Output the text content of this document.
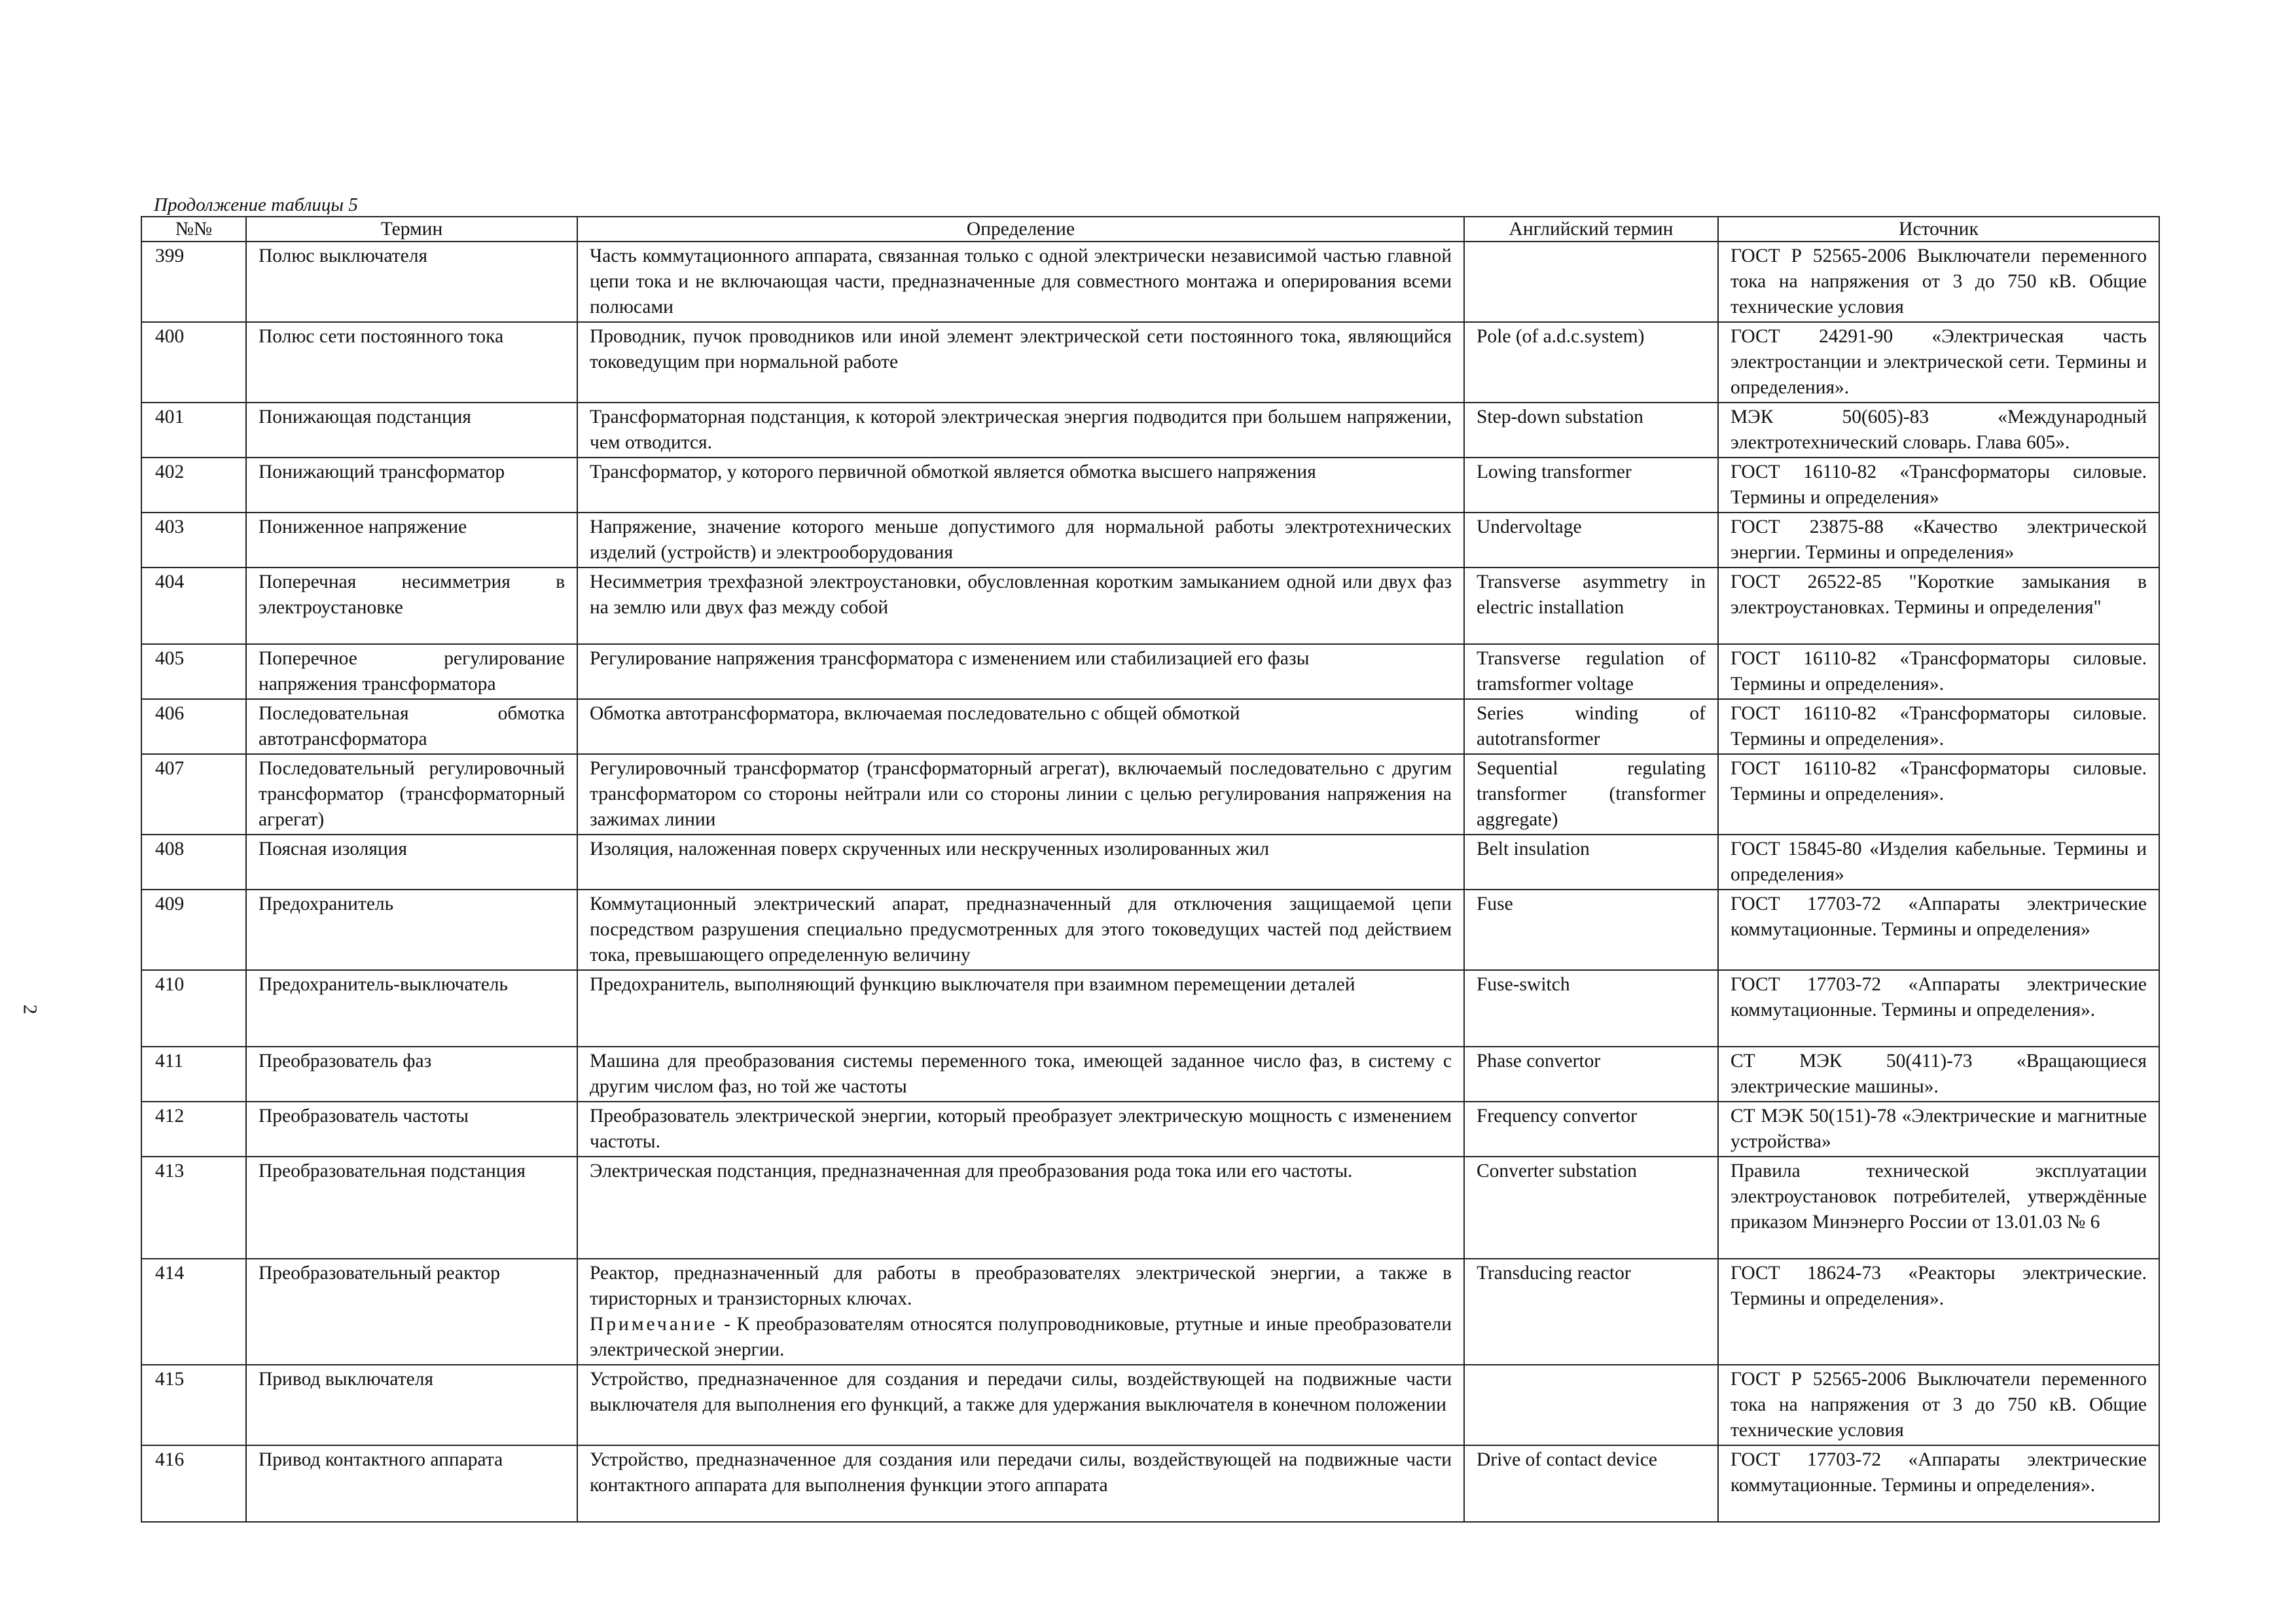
Продолжение таблицы 5
2
№№	Термин	Определение	Английский термин	Источник
399	Полюс выключателя	Часть коммутационного аппарата, связанная только с одной электрически независимой частью главной цепи тока и не включающая части, предназначенные для совместного монтажа и оперирования всеми полюсами		ГОСТ Р 52565-2006 Выключатели переменного тока на напряжения от 3 до 750 кВ. Общие технические условия
400	Полюс сети постоянного тока	Проводник, пучок проводников или иной элемент электрической сети постоянного тока, являющийся токоведущим при нормальной работе	Pole (of a.d.c.system)	ГОСТ 24291-90 «Электрическая часть электростанции и электрической сети. Термины и определения».
401	Понижающая подстанция	Трансформаторная подстанция, к которой электрическая энергия подводится при большем напряжении, чем отводится.	Step-down substation	МЭК 50(605)-83 «Международный электротехнический словарь. Глава 605».
402	Понижающий трансформатор	Трансформатор, у которого первичной обмоткой является обмотка высшего напряжения	Lowing transformer	ГОСТ 16110-82 «Трансформаторы силовые. Термины и определения»
403	Пониженное напряжение	Напряжение, значение которого меньше допустимого для нормальной работы электротехнических изделий (устройств) и электрооборудования	Undervoltage	ГОСТ 23875-88 «Качество электрической энергии. Термины и определения»
404	Поперечная несимметрия в электроустановке	Несимметрия трехфазной электроустановки, обусловленная коротким замыканием одной или двух фаз на землю или двух фаз между собой	Transverse asymmetry in electric installation	ГОСТ 26522-85 "Короткие замыкания в электроустановках. Термины и определения"
405	Поперечное регулирование напряжения трансформатора	Регулирование напряжения трансформатора с изменением или стабилизацией его фазы	Transverse regulation of tramsformer voltage	ГОСТ 16110-82 «Трансформаторы силовые. Термины и определения».
406	Последовательная обмотка автотрансформатора	Обмотка автотрансформатора, включаемая последовательно с общей обмоткой	Series winding of autotransformer	ГОСТ 16110-82 «Трансформаторы силовые. Термины и определения».
407	Последовательный регулировочный трансформатор (трансформаторный агрегат)	Регулировочный трансформатор (трансформаторный агрегат), включаемый последовательно с другим трансформатором со стороны нейтрали или со стороны линии с целью регулирования напряжения на зажимах линии	Sequential regulating transformer (transformer aggregate)	ГОСТ 16110-82 «Трансформаторы силовые. Термины и определения».
408	Поясная изоляция	Изоляция, наложенная поверх скрученных или нескрученных изолированных жил	Belt insulation	ГОСТ 15845-80 «Изделия кабельные. Термины и определения»
409	Предохранитель	Коммутационный электрический апарат, предназначенный для отключения защищаемой цепи посредством разрушения специально предусмотренных для этого токоведущих частей под действием тока, превышающего определенную величину	Fuse	ГОСТ 17703-72 «Аппараты электрические коммутационные. Термины и определения»
410	Предохранитель-выключатель	Предохранитель, выполняющий функцию выключателя при взаимном перемещении деталей	Fuse-switch	ГОСТ 17703-72 «Аппараты электрические коммутационные. Термины и определения».
411	Преобразователь фаз	Машина для преобразования системы переменного тока, имеющей заданное число фаз, в систему с другим числом фаз, но той же частоты	Phase convertor	СТ МЭК 50(411)-73 «Вращающиеся электрические машины».
412	Преобразователь частоты	Преобразователь электрической энергии, который преобразует электрическую мощность с изменением частоты.	Frequency convertor	СТ МЭК 50(151)-78 «Электрические и магнитные устройства»
413	Преобразовательная подстанция	Электрическая подстанция, предназначенная для преобразования рода тока или его частоты.	Converter substation	Правила технической эксплуатации электроустановок потребителей, утверждённые приказом Минэнерго России от 13.01.03 № 6
414	Преобразовательный реактор	Реактор, предназначенный для работы в преобразователях электрической энергии, а также в тиристорных и транзисторных ключах.
Примечание - К преобразователям относятся полупроводниковые, ртутные и иные преобразователи электрической энергии.	Transducing reactor	ГОСТ 18624-73 «Реакторы электрические. Термины и определения».
415	Привод выключателя	Устройство, предназначенное для создания и передачи силы, воздействующей на подвижные части выключателя для выполнения его функций, а также для удержания выключателя в конечном положении		ГОСТ Р 52565-2006 Выключатели переменного тока на напряжения от 3 до 750 кВ. Общие технические условия
416	Привод контактного аппарата	Устройство, предназначенное для создания или передачи силы, воздействующей на подвижные части контактного аппарата для выполнения функции этого аппарата	Drive of contact device	ГОСТ 17703-72 «Аппараты электрические коммутационные. Термины и определения».
